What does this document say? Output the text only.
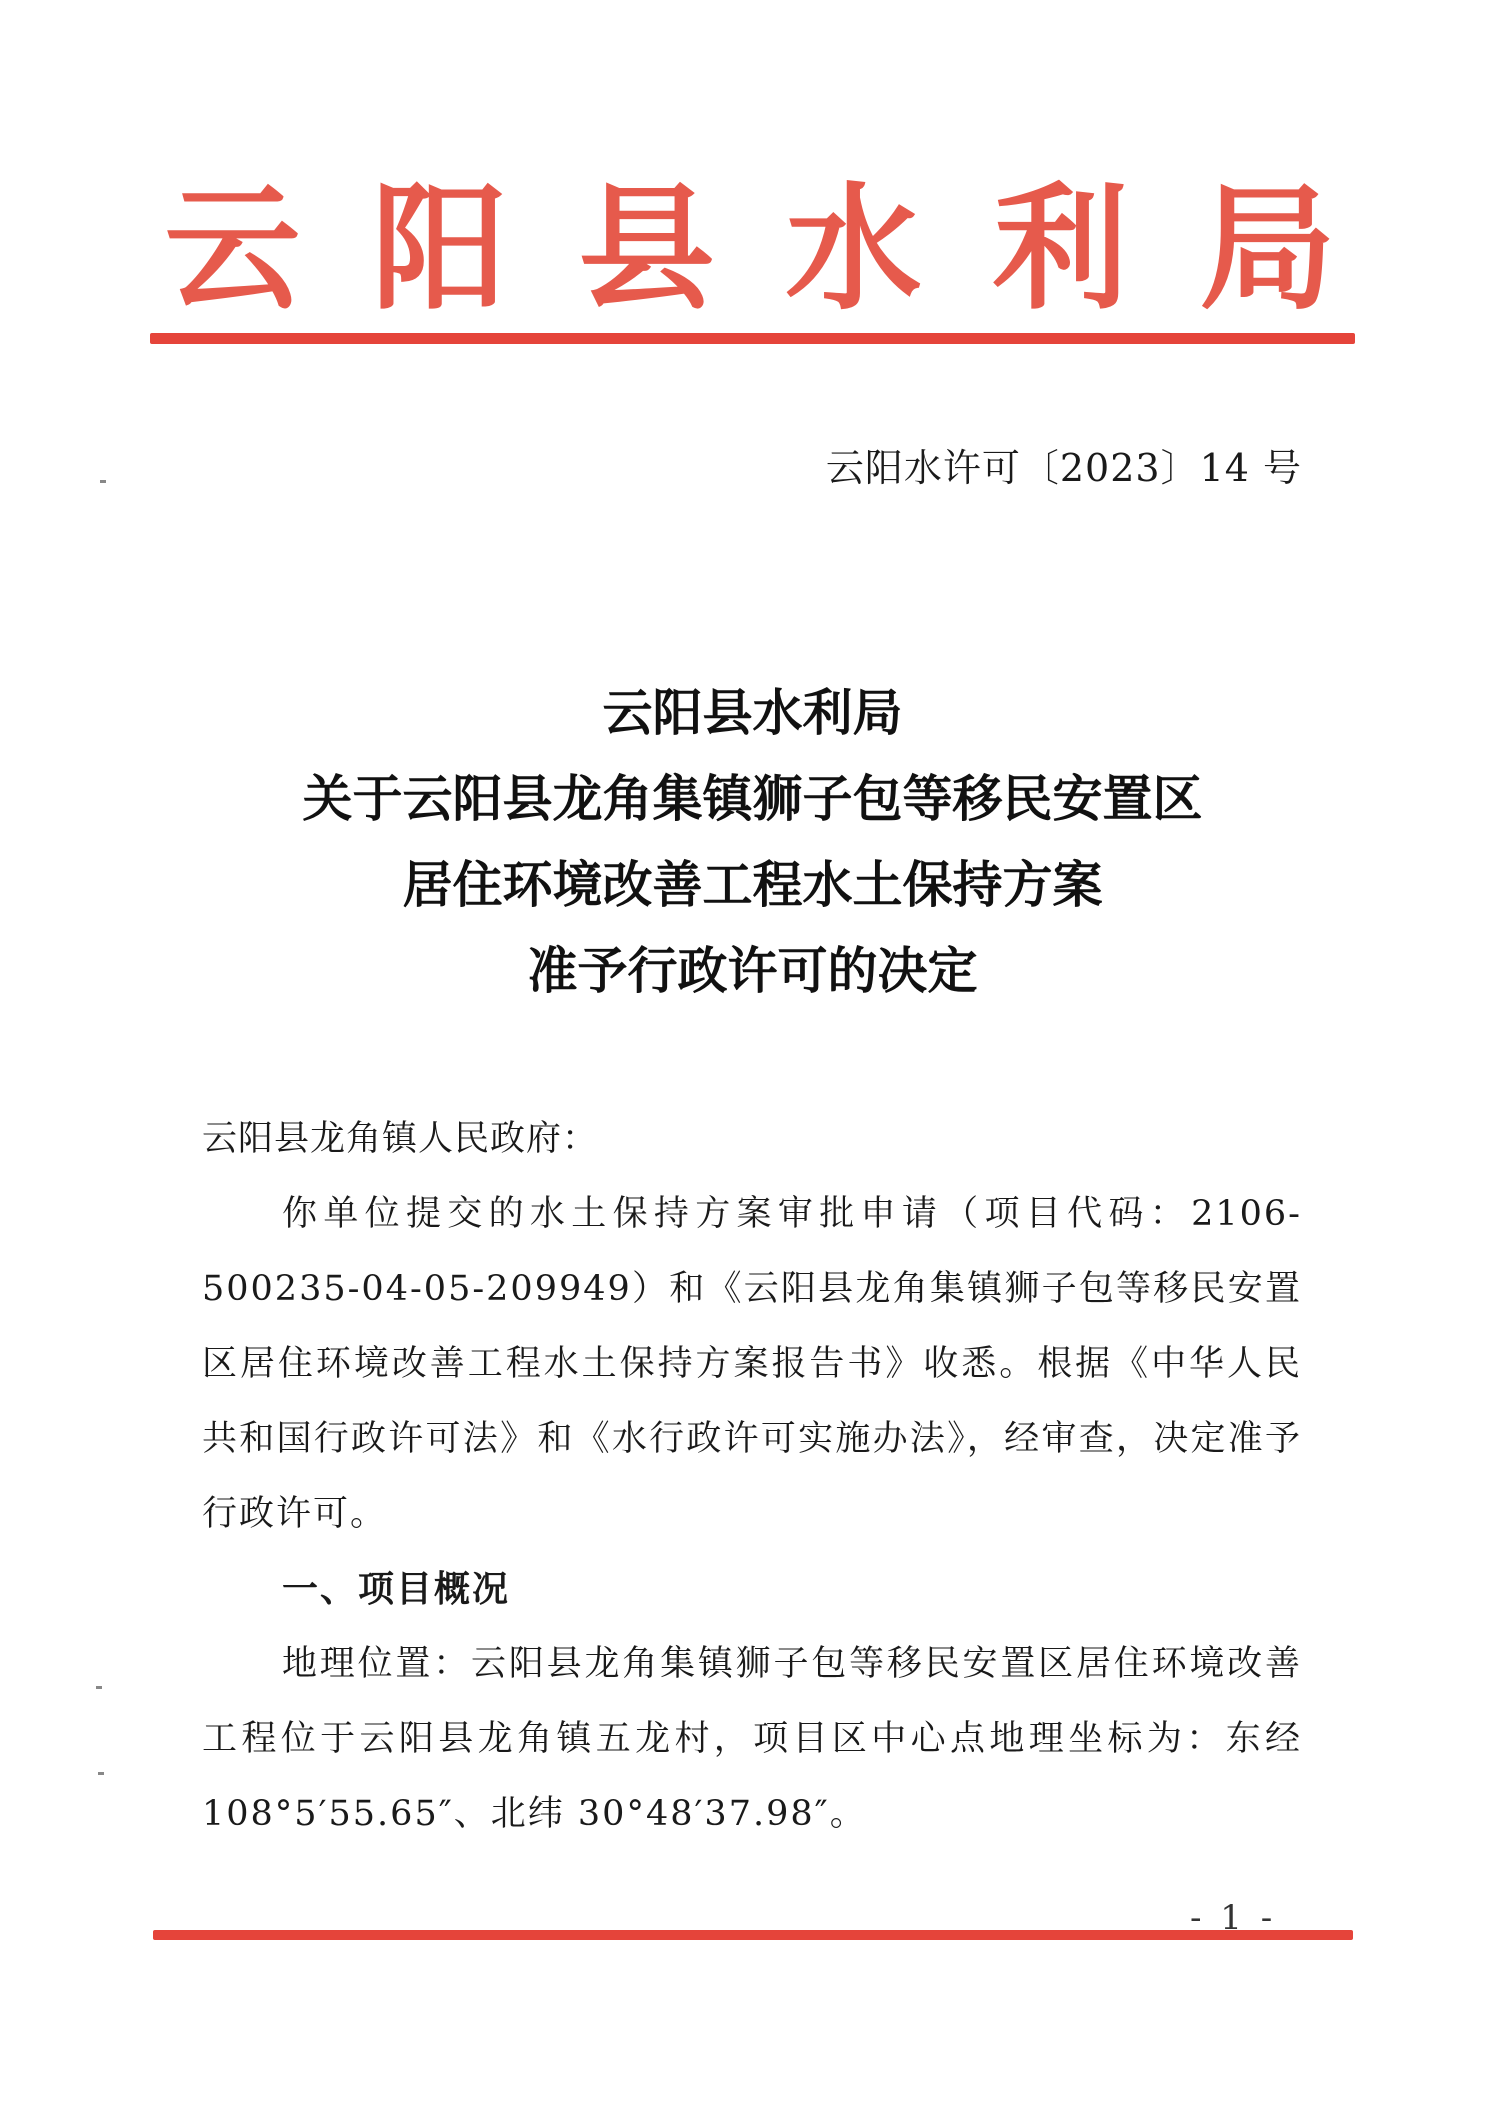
云 阳 县 水 利 局
云阳水许可〔2023〕14 号
云阳县水利局
关于云阳县龙角集镇狮子包等移民安置区
居住环境改善工程水土保持方案
准予行政许可的决定
云阳县龙角镇人民政府：
你单位提交的水土保持方案审批申请（项目代码：2106-500235-04-05-209949）和《云阳县龙角集镇狮子包等移民安置区居住环境改善工程水土保持方案报告书》收悉。根据《中华人民共和国行政许可法》和《水行政许可实施办法》，经审查，决定准予行政许可。
一、项目概况
地理位置：云阳县龙角集镇狮子包等移民安置区居住环境改善工程位于云阳县龙角镇五龙村，项目区中心点地理坐标为：东经 108°5′55.65″、北纬 30°48′37.98″。
- 1 -
